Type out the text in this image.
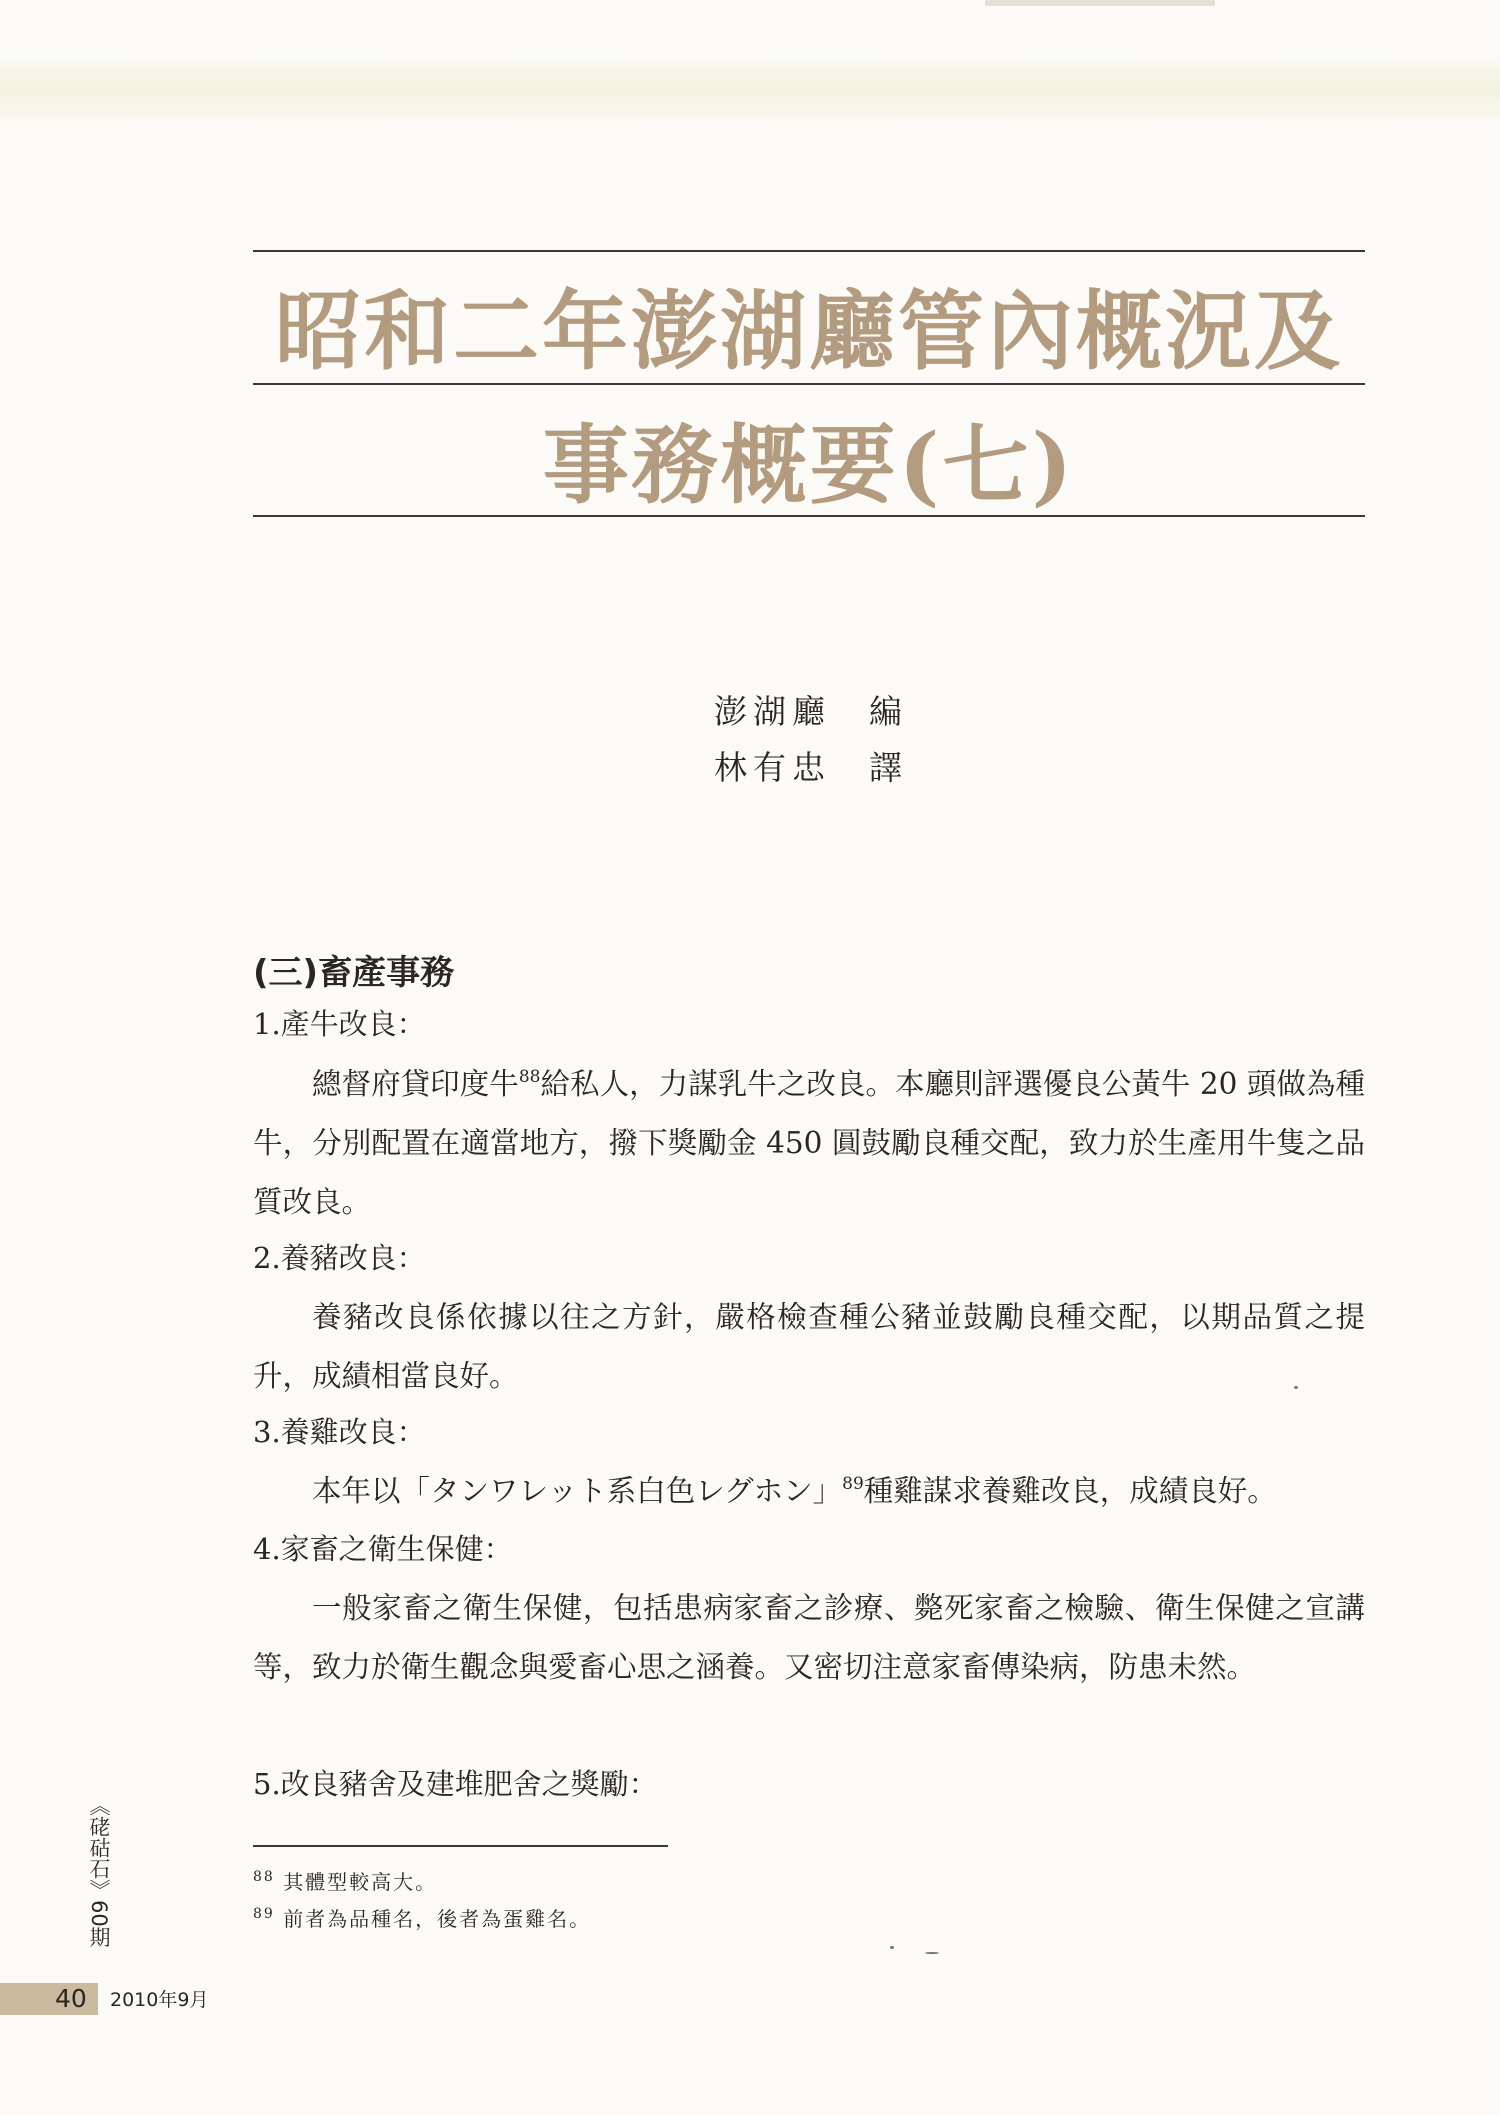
昭和二年澎湖廳管內概況及
事務概要(七)
澎湖廳 編
林有忠 譯
(三)畜產事務
1.產牛改良：

總督府貸印度牛$^{88}$給私人，力謀乳牛之改良。本廳則評選優良公黃牛 20 頭做為種牛，分別配置在適當地方，撥下獎勵金 450 圓鼓勵良種交配，致力於生產用牛隻之品質改良。

2.養豬改良：

養豬改良係依據以往之方針，嚴格檢查種公豬並鼓勵良種交配，以期品質之提升，成績相當良好。

3.養雞改良：

本年以「タンワレット系白色レグホン」$^{89}$種雞謀求養雞改良，成績良好。

4.家畜之衛生保健：

一般家畜之衛生保健，包括患病家畜之診療、斃死家畜之檢驗、衛生保健之宣講等，致力於衛生觀念與愛畜心思之涵養。又密切注意家畜傳染病，防患未然。

5.改良豬舍及建堆肥舍之獎勵：
$^{88}$ 其體型較高大。
$^{89}$ 前者為品種名，後者為蛋雞名。
《硓𥑮石》60期
40 2010年9月
